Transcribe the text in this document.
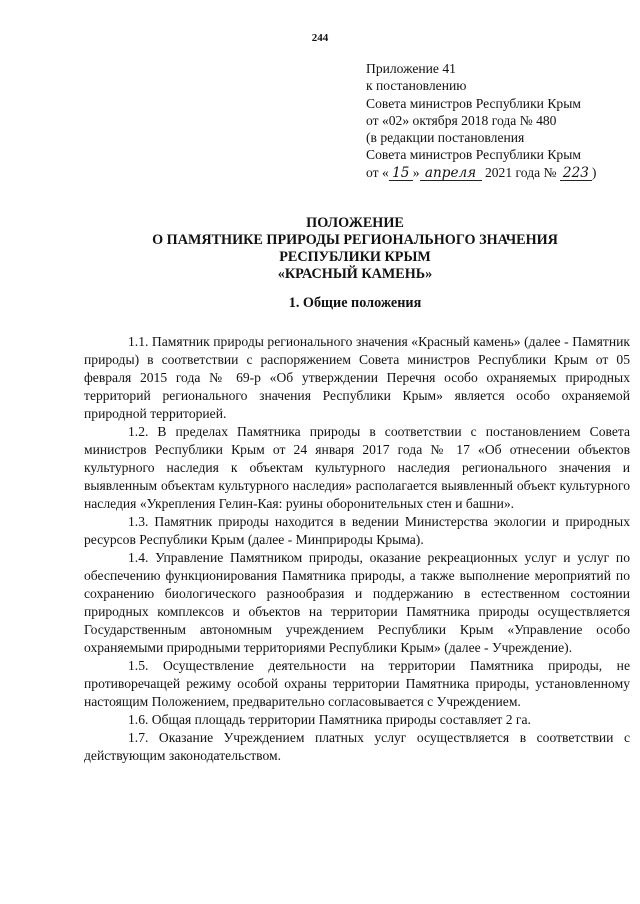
244
Приложение 41
к постановлению
Совета министров Республики Крым
от «02» октября 2018 года № 480
(в редакции постановления
Совета министров Республики Крым
от « 15 » апреля 2021 года № 223 )
ПОЛОЖЕНИЕ
О ПАМЯТНИКЕ ПРИРОДЫ РЕГИОНАЛЬНОГО ЗНАЧЕНИЯ
РЕСПУБЛИКИ КРЫМ
«КРАСНЫЙ КАМЕНЬ»
1. Общие положения

1.1. Памятник природы регионального значения «Красный камень» (далее - Памятник природы) в соответствии с распоряжением Совета министров Республики Крым от 05 февраля 2015 года № 69-р «Об утверждении Перечня особо охраняемых природных территорий регионального значения Республики Крым» является особо охраняемой природной территорией.

1.2. В пределах Памятника природы в соответствии с постановлением Совета министров Республики Крым от 24 января 2017 года № 17 «Об отнесении объектов культурного наследия к объектам культурного наследия регионального значения и выявленным объектам культурного наследия» располагается выявленный объект культурного наследия «Укрепления Гелин-Кая: руины оборонительных стен и башни».

1.3. Памятник природы находится в ведении Министерства экологии и природных ресурсов Республики Крым (далее - Минприроды Крыма).

1.4. Управление Памятником природы, оказание рекреационных услуг и услуг по обеспечению функционирования Памятника природы, а также выполнение мероприятий по сохранению биологического разнообразия и поддержанию в естественном состоянии природных комплексов и объектов на территории Памятника природы осуществляется Государственным автономным учреждением Республики Крым «Управление особо охраняемыми природными территориями Республики Крым» (далее - Учреждение).

1.5. Осуществление деятельности на территории Памятника природы, не противоречащей режиму особой охраны территории Памятника природы, установленному настоящим Положением, предварительно согласовывается с Учреждением.

1.6. Общая площадь территории Памятника природы составляет 2 га.

1.7. Оказание Учреждением платных услуг осуществляется в соответствии с действующим законодательством.
